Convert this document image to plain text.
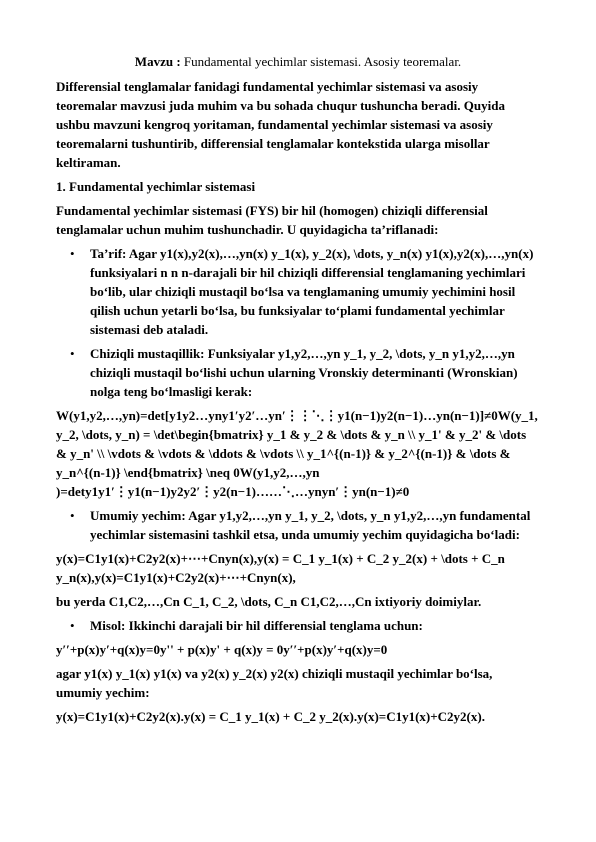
Mavzu : Fundamental yechimlar sistemasi. Asosiy teoremalar.

Differensial tenglamalar fanidagi fundamental yechimlar sistemasi va asosiy teoremalar mavzusi juda muhim va bu sohada chuqur tushuncha beradi. Quyida ushbu mavzuni kengroq yoritaman, fundamental yechimlar sistemasi va asosiy teoremalarni tushuntirib, differensial tenglamalar kontekstida ularga misollar keltiraman.

1. Fundamental yechimlar sistemasi

Fundamental yechimlar sistemasi (FYS) bir hil (homogen) chiziqli differensial tenglamalar uchun muhim tushunchadir. U quyidagicha ta’riflanadi:

• Ta’rif: Agar y1(x),y2(x),…,yn(x) y_1(x), y_2(x), \dots, y_n(x) y1(x),y2(x),…,yn(x) funksiyalari n n n-darajali bir hil chiziqli differensial tenglamaning yechimlari bo‘lib, ular chiziqli mustaqil bo‘lsa va tenglamaning umumiy yechimini hosil qilish uchun yetarli bo‘lsa, bu funksiyalar to‘plami fundamental yechimlar sistemasi deb ataladi.
• Chiziqli mustaqillik: Funksiyalar y1,y2,…,yn y_1, y_2, \dots, y_n y1,y2,…,yn chiziqli mustaqil bo‘lishi uchun ularning Vronskiy determinanti (Wronskian) nolga teng bo‘lmasligi kerak:

W(y1,y2,…,yn)=det[y1y2…yny1′y2′…yn′⋮⋮⋱⋮y1(n−1)y2(n−1)…yn(n−1)]≠0W(y_1, y_2, \dots, y_n) = \det\begin{bmatrix} y_1 & y_2 & \dots & y_n \\ y_1' & y_2' & \dots & y_n' \\ \vdots & \vdots & \ddots & \vdots \\ y_1^{(n-1)} & y_2^{(n-1)} & \dots & y_n^{(n-1)} \end{bmatrix} \neq 0W(y1,y2,…,yn )=dety1y1′⋮y1(n−1)y2y2′⋮y2(n−1)……⋱…ynyn′⋮yn(n−1)≠0

• Umumiy yechim: Agar y1,y2,…,yn y_1, y_2, \dots, y_n y1,y2,…,yn fundamental yechimlar sistemasini tashkil etsa, unda umumiy yechim quyidagicha bo‘ladi:

y(x)=C1y1(x)+C2y2(x)+⋯+Cnyn(x),y(x) = C_1 y_1(x) + C_2 y_2(x) + \dots + C_n y_n(x),y(x)=C1y1(x)+C2y2(x)+⋯+Cnyn(x),

bu yerda C1,C2,…,Cn C_1, C_2, \dots, C_n C1,C2,…,Cn ixtiyoriy doimiylar.

• Misol: Ikkinchi darajali bir hil differensial tenglama uchun:

y′′+p(x)y′+q(x)y=0y'' + p(x)y' + q(x)y = 0y′′+p(x)y′+q(x)y=0

agar y1(x) y_1(x) y1(x) va y2(x) y_2(x) y2(x) chiziqli mustaqil yechimlar bo‘lsa, umumiy yechim:

y(x)=C1y1(x)+C2y2(x).y(x) = C_1 y_1(x) + C_2 y_2(x).y(x)=C1y1(x)+C2y2(x).
